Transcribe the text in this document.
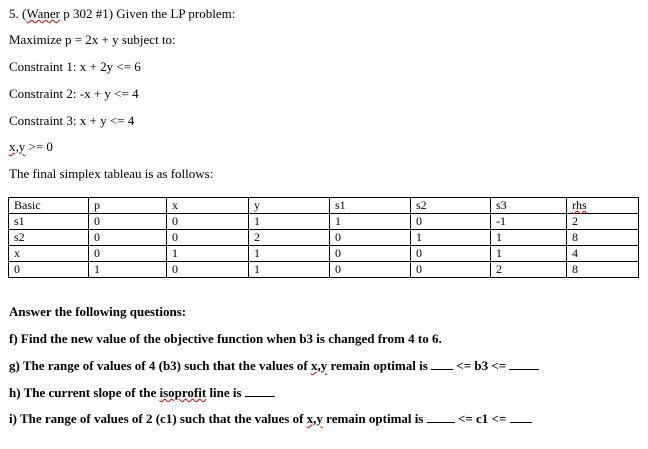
5. (Waner p 302 #1) Given the LP problem:
Maximize p = 2x + y subject to:
Constraint 1: x + 2y <= 6
Constraint 2: -x + y <= 4
Constraint 3: x + y <= 4
x,y >= 0
The final simplex tableau is as follows:
Basic	p	x	y	s1	s2	s3	rhs
s1	0	0	1	1	0	-1	2
s2	0	0	2	0	1	1	8
x	0	1	1	0	0	1	4
0	1	0	1	0	0	2	8
Answer the following questions:
f) Find the new value of the objective function when b3 is changed from 4 to 6.
g) The range of values of 4 (b3) such that the values of x,y remain optimal is  <= b3 <=
h) The current slope of the isoprofit line is
i) The range of values of 2 (c1) such that the values of x,y remain optimal is  <= c1 <=
